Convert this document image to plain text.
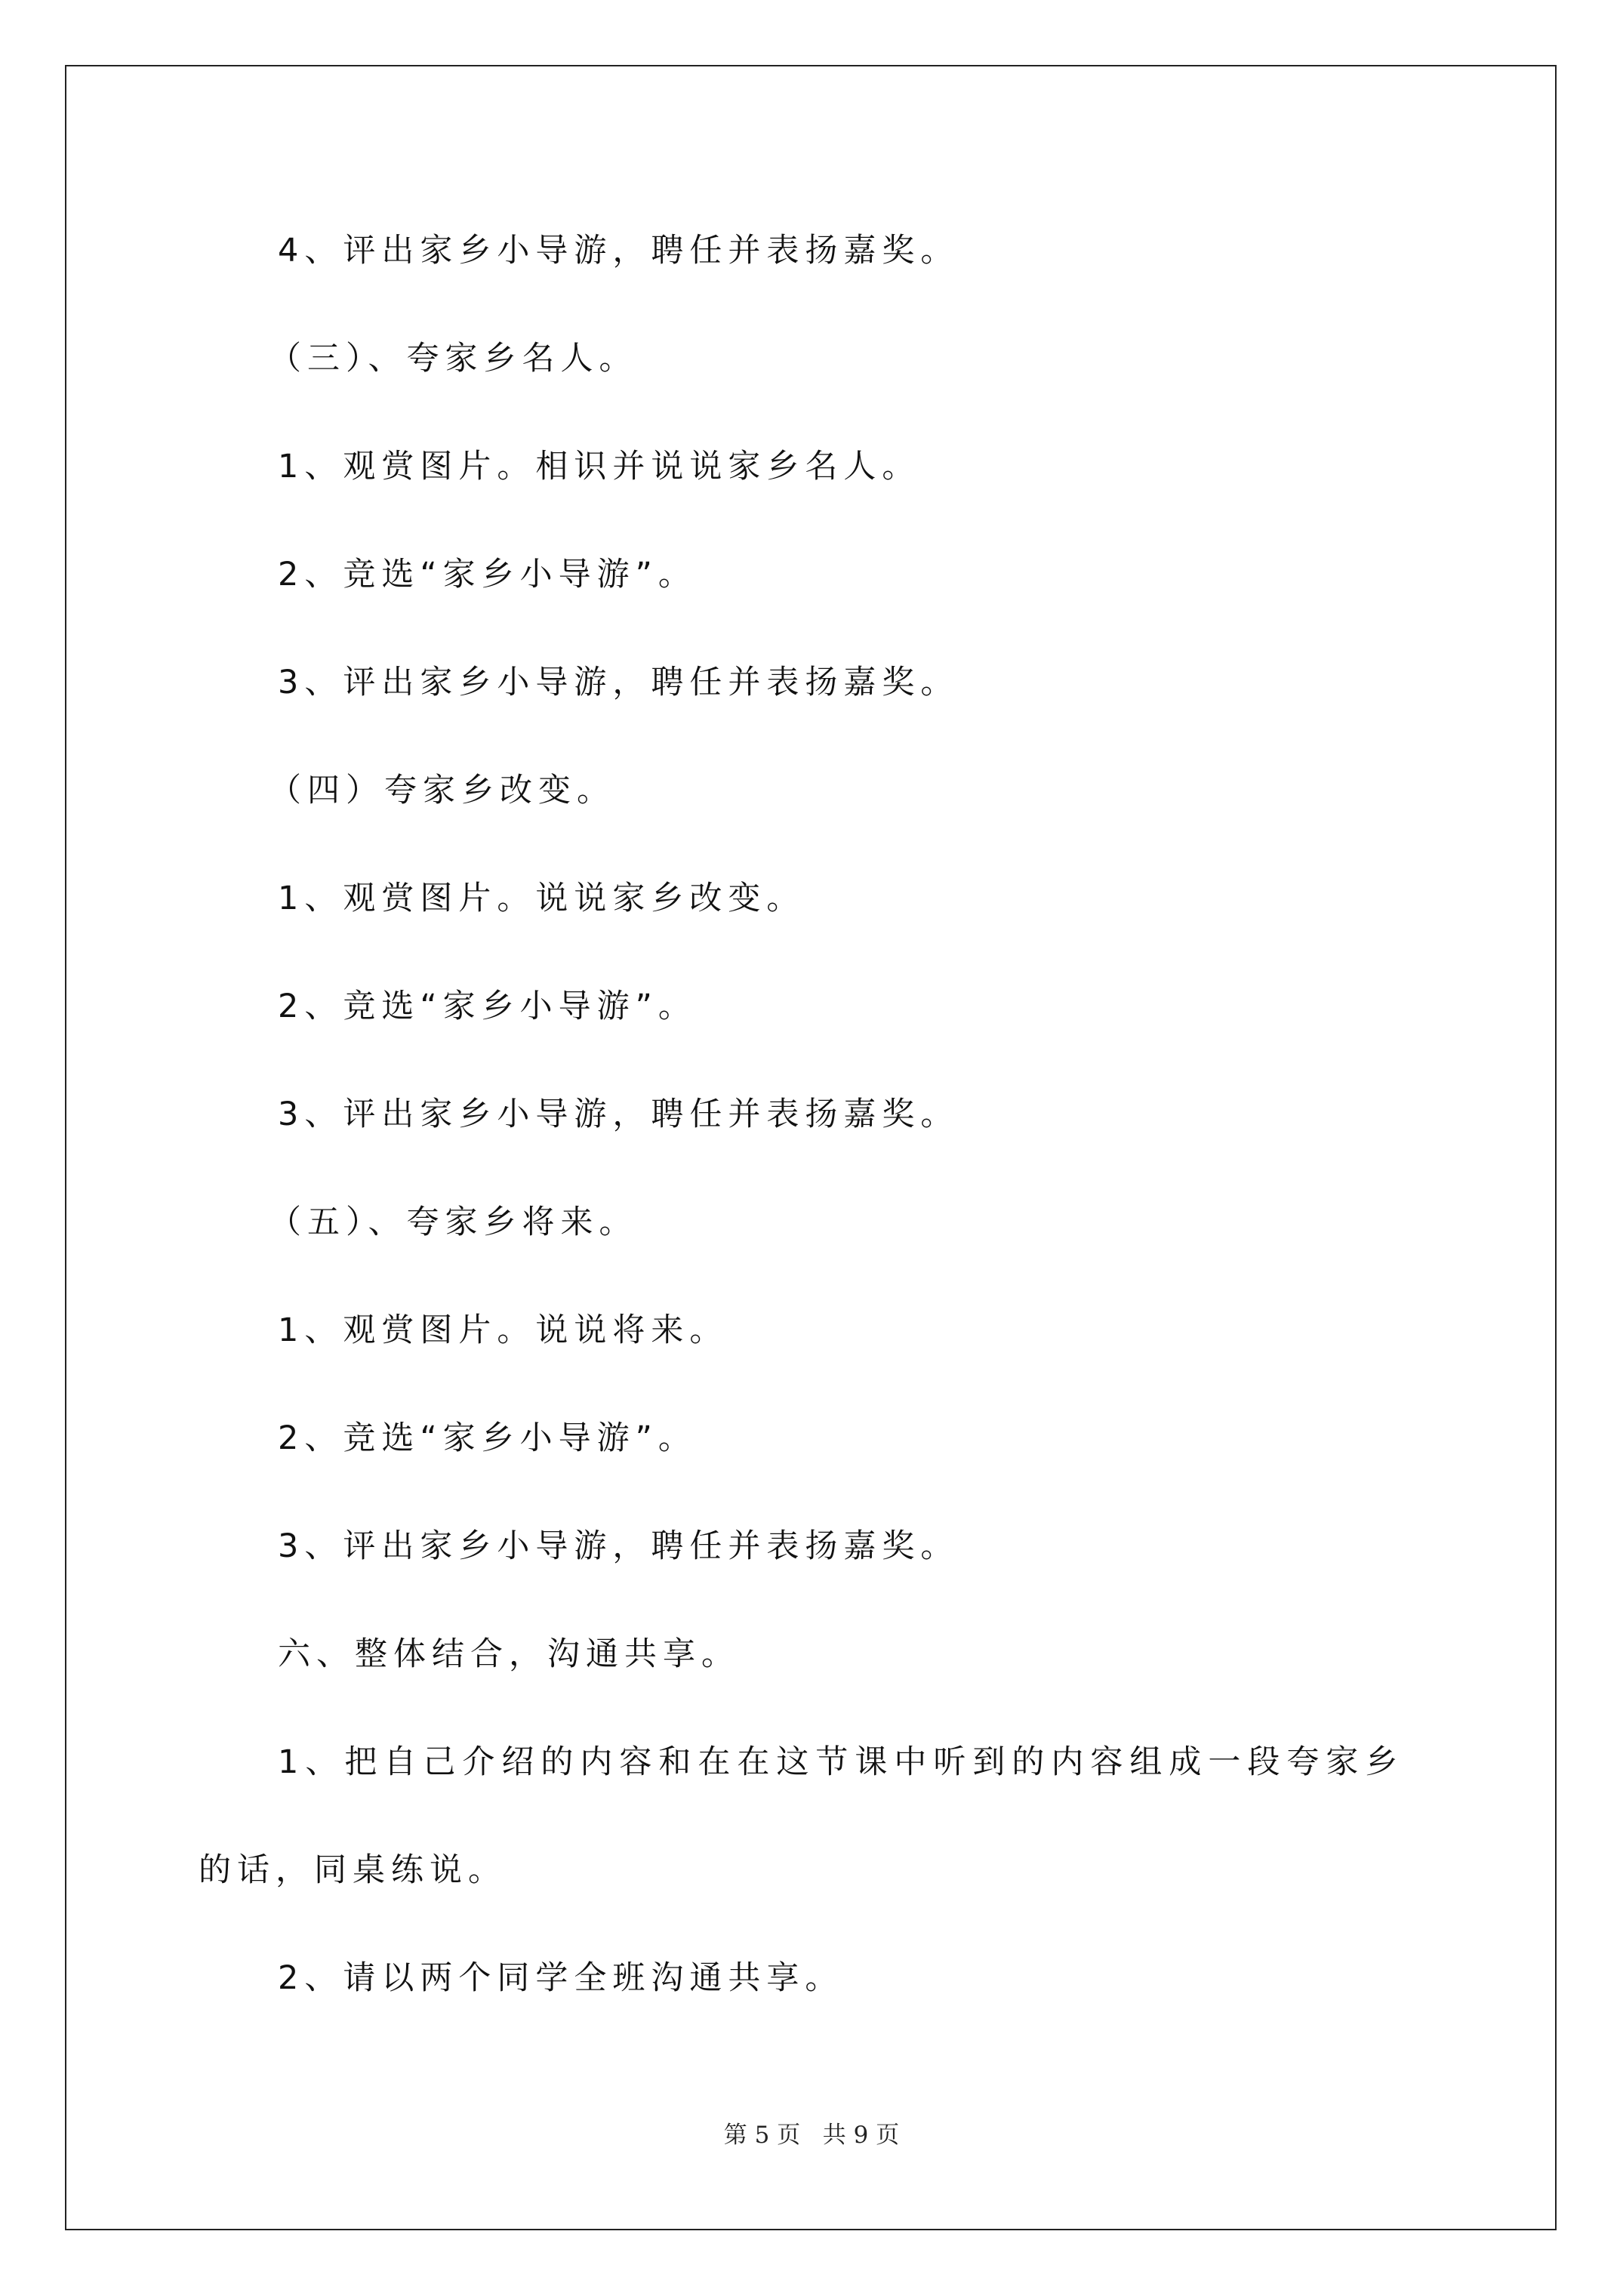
4、评出家乡小导游，聘任并表扬嘉奖。
（三）、夸家乡名人。
1、观赏图片。相识并说说家乡名人。
2、竞选“家乡小导游”。
3、评出家乡小导游，聘任并表扬嘉奖。
（四）夸家乡改变。
1、观赏图片。说说家乡改变。
2、竞选“家乡小导游”。
3、评出家乡小导游，聘任并表扬嘉奖。
（五）、夸家乡将来。
1、观赏图片。说说将来。
2、竞选“家乡小导游”。
3、评出家乡小导游，聘任并表扬嘉奖。
六、整体结合，沟通共享。
1、把自己介绍的内容和在在这节课中听到的内容组成一段夸家乡
的话，同桌练说。
2、请以两个同学全班沟通共享。
第 5 页 共 9 页
